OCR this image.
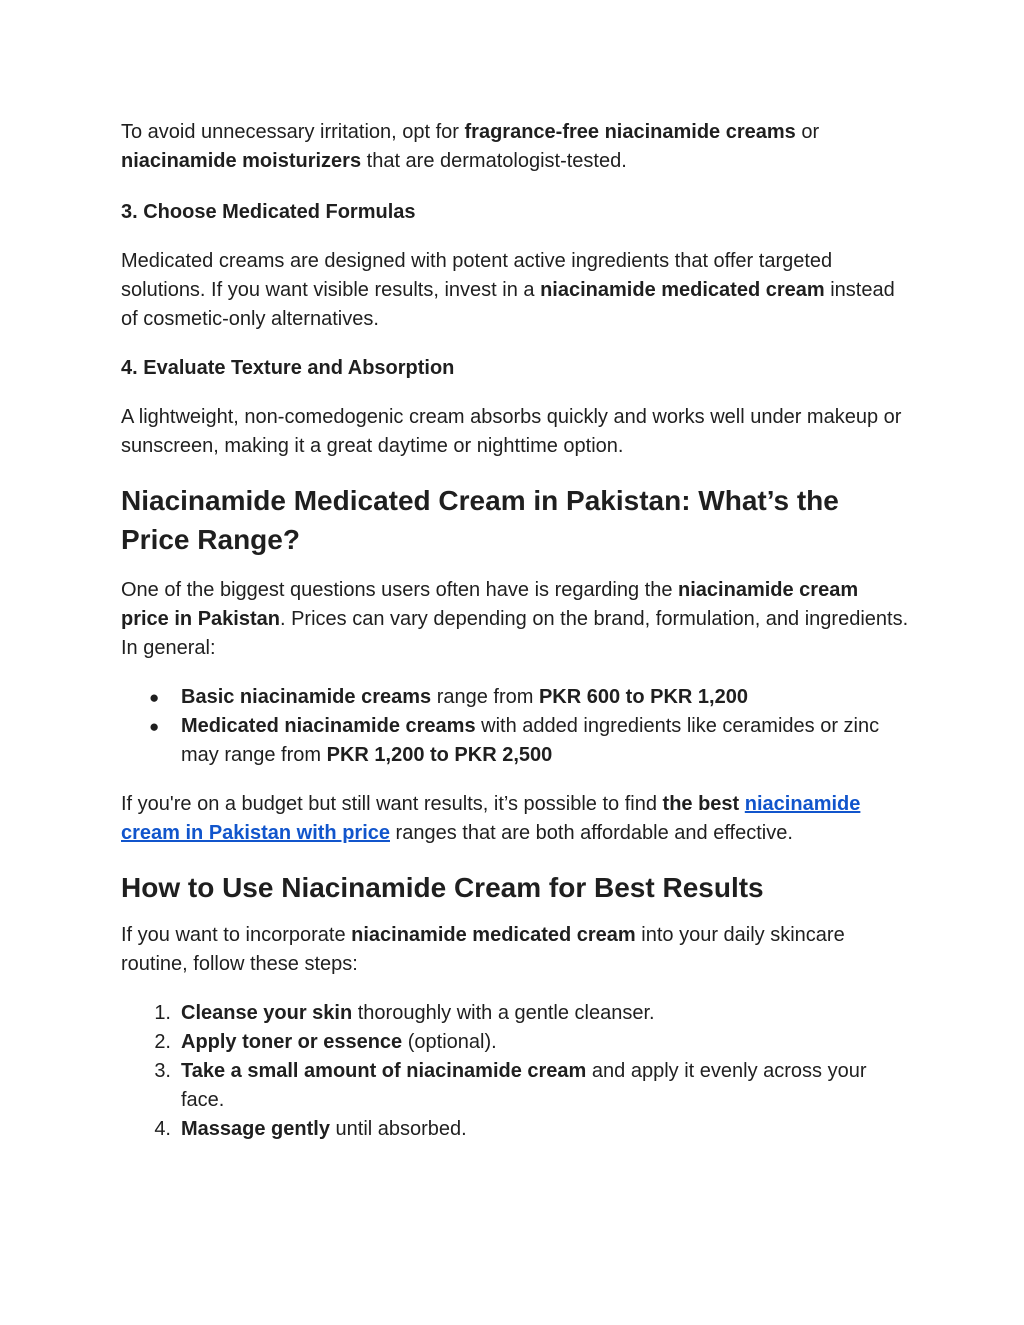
To avoid unnecessary irritation, opt for fragrance-free niacinamide creams or niacinamide moisturizers that are dermatologist-tested.

3. Choose Medicated Formulas

Medicated creams are designed with potent active ingredients that offer targeted solutions. If you want visible results, invest in a niacinamide medicated cream instead of cosmetic-only alternatives.

4. Evaluate Texture and Absorption

A lightweight, non-comedogenic cream absorbs quickly and works well under makeup or sunscreen, making it a great daytime or nighttime option.

Niacinamide Medicated Cream in Pakistan: What’s the Price Range?

One of the biggest questions users often have is regarding the niacinamide cream price in Pakistan. Prices can vary depending on the brand, formulation, and ingredients. In general:

●	Basic niacinamide creams range from PKR 600 to PKR 1,200
●	Medicated niacinamide creams with added ingredients like ceramides or zinc may range from PKR 1,200 to PKR 2,500

If you're on a budget but still want results, it’s possible to find the best niacinamide cream in Pakistan with price ranges that are both affordable and effective.

How to Use Niacinamide Cream for Best Results

If you want to incorporate niacinamide medicated cream into your daily skincare routine, follow these steps:

1. Cleanse your skin thoroughly with a gentle cleanser.
2. Apply toner or essence (optional).
3. Take a small amount of niacinamide cream and apply it evenly across your face.
4. Massage gently until absorbed.
